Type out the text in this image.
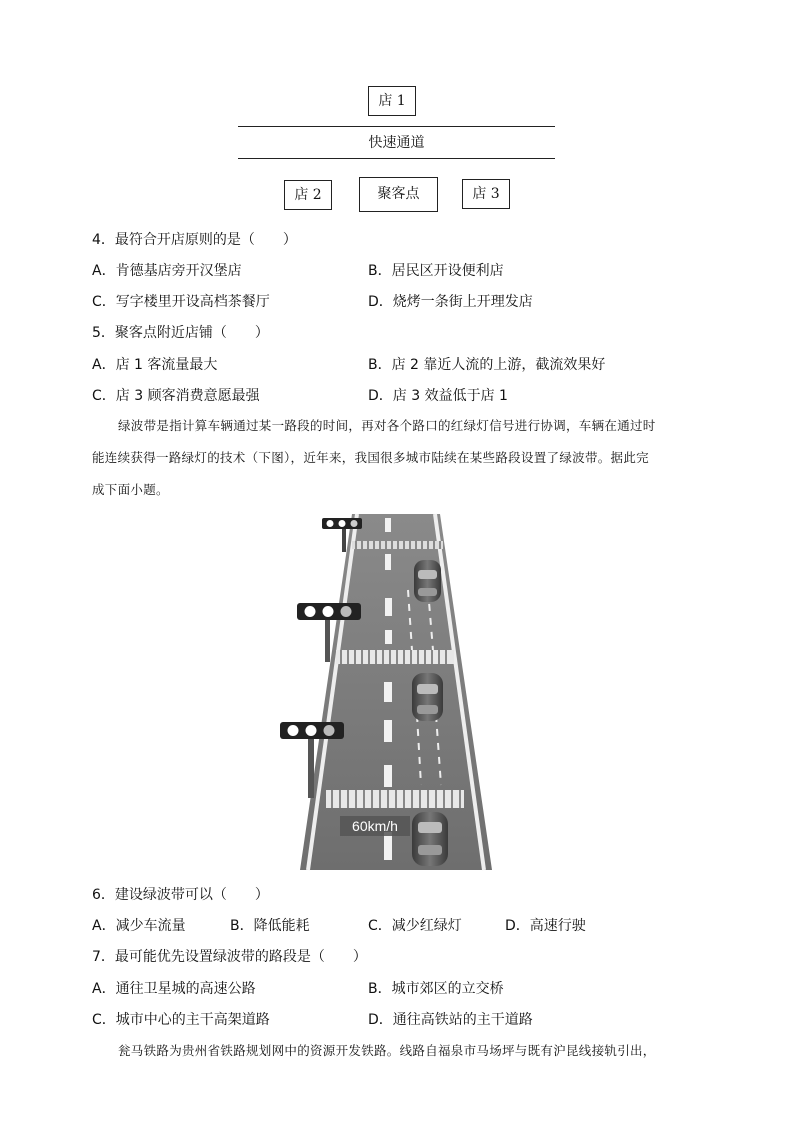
店 1
快速通道
店 2	聚客点	店 3
4．最符合开店原则的是（　　）
A．肯德基店旁开汉堡店	B．居民区开设便利店
C．写字楼里开设高档茶餐厅	D．烧烤一条街上开理发店
5．聚客点附近店铺（　　）
A．店 1 客流量最大	B．店 2 靠近人流的上游，截流效果好
C．店 3 顾客消费意愿最强	D．店 3 效益低于店 1
绿波带是指计算车辆通过某一路段的时间，再对各个路口的红绿灯信号进行协调，车辆在通过时
能连续获得一路绿灯的技术（下图），近年来，我国很多城市陆续在某些路段设置了绿波带。据此完
成下面小题。
60km/h
6．建设绿波带可以（　　）
A．减少车流量	B．降低能耗	C．减少红绿灯	D．高速行驶
7．最可能优先设置绿波带的路段是（　　）
A．通往卫星城的高速公路	B．城市郊区的立交桥
C．城市中心的主干高架道路	D．通往高铁站的主干道路
瓮马铁路为贵州省铁路规划网中的资源开发铁路。线路自福泉市马场坪与既有沪昆线接轨引出，
